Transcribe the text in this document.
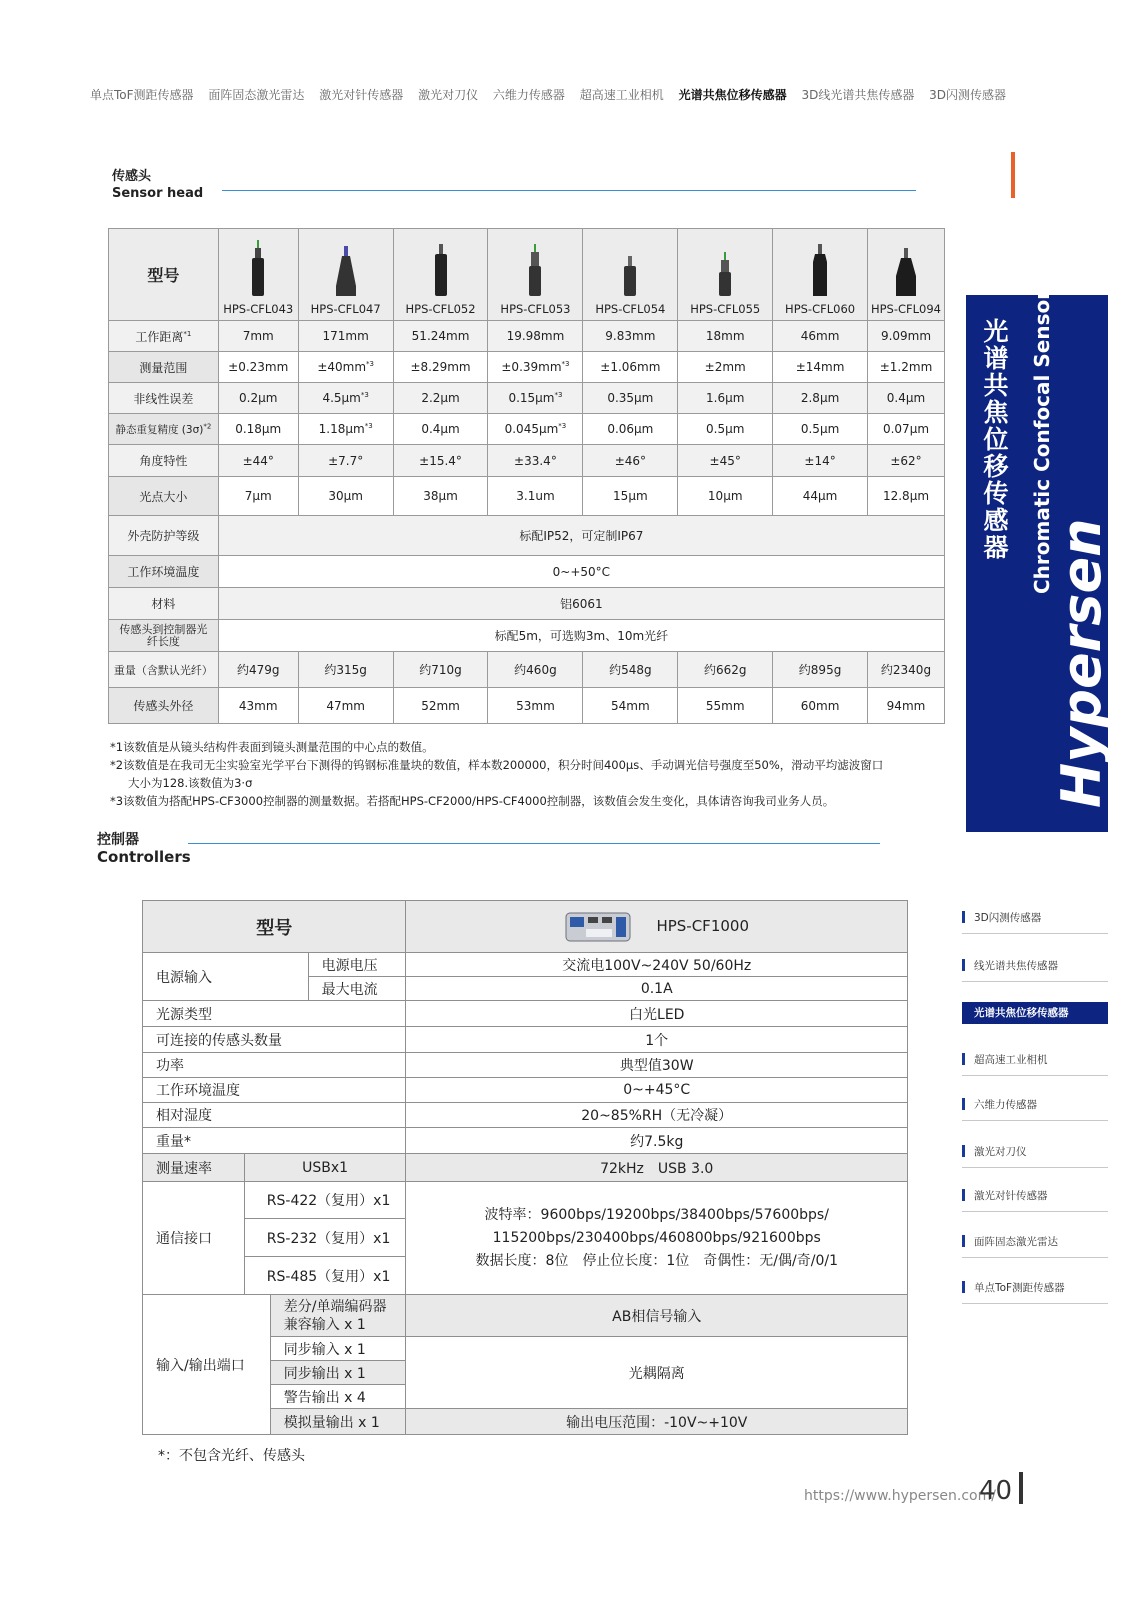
单点ToF测距传感器 面阵固态激光雷达 激光对针传感器 激光对刀仪 六维力传感器 超高速工业相机 光谱共焦位移传感器 3D线光谱共焦传感器 3D闪测传感器
传感头
Sensor head
型号	HPS-CFL043	HPS-CFL047	HPS-CFL052	HPS-CFL053	HPS-CFL054	HPS-CFL055	HPS-CFL060	HPS-CFL094
工作距离$^{*1}$	7mm	171mm	51.24mm	19.98mm	9.83mm	18mm	46mm	9.09mm
测量范围	±0.23mm	$\pm 40mm^{*3}$	±8.29mm	$\pm 0.39mm^{*3}$	±1.06mm	±2mm	±14mm	±1.2mm
非线性误差	0.2μm	$4.5\mu m^{*3}$	2.2μm	$0.15\mu m^{*3}$	0.35μm	1.6μm	2.8μm	0.4μm
静态重复精度 $(3\sigma)^{*2}$	0.18μm	$1.18\mu m^{*3}$	0.4μm	$0.045\mu m^{*3}$	0.06μm	0.5μm	0.5μm	0.07μm
角度特性	±44°	±7.7°	±15.4°	±33.4°	±46°	±45°	±14°	±62°
光点大小	7μm	30μm	38μm	3.1um	15μm	10μm	44μm	12.8μm
外壳防护等级	标配IP52，可定制IP67							
工作环境温度	0~+50°C							
材料	铝6061							
传感头到控制器光纤长度	标配5m，可选购3m、10m光纤							
重量（含默认光纤）	约479g	约315g	约710g	约460g	约548g	约662g	约895g	约2340g
传感头外径	43mm	47mm	52mm	53mm	54mm	55mm	60mm	94mm
*1该数值是从镜头结构件表面到镜头测量范围的中心点的数值。
*2该数值是在我司无尘实验室光学平台下测得的钨钢标准量块的数值，样本数200000，积分时间400μs、手动调光信号强度至50%，滑动平均滤波窗口
大小为128.该数值为3·σ
*3该数值为搭配HPS-CF3000控制器的测量数据。若搭配HPS-CF2000/HPS-CF4000控制器，该数值会发生变化，具体请咨询我司业务人员。
控制器
Controllers
型号				HPS-CF1000
电源输入			电源电压	交流电100V~240V 50/60Hz
			最大电流	0.1A
光源类型				白光LED
可连接的传感头数量				1个
功率				典型值30W
工作环境温度				0~+45°C
相对湿度				20~85%RH（无冷凝）
重量*				约7.5kg
测量速率	USBx1			72kHz　USB 3.0
通信接口	RS-422（复用）x1			波特率：9600bps/19200bps/38400bps/57600bps/
115200bps/230400bps/460800bps/921600bps
数据长度：8位　停止位长度：1位　奇偶性：无/偶/奇/0/1

	RS-232（复用）x1			
	RS-485（复用）x1			
输入/输出端口		差分/单端编码器
兼容输入 x 1		AB相信号输入
		同步输入 x 1		光耦隔离
		同步输出 x 1		
		警告输出 x 4		
		模拟量输出 x 1		输出电压范围：-10V~+10V
*：不包含光纤、传感头
光谱共焦位移传感器 Chromatic Confocal Sensor
Hypersen
3D闪测传感器
线光谱共焦传感器
光谱共焦位移传感器
超高速工业相机
六维力传感器
激光对刀仪
激光对针传感器
面阵固态激光雷达
单点ToF测距传感器
https://www.hypersen.com/
40
